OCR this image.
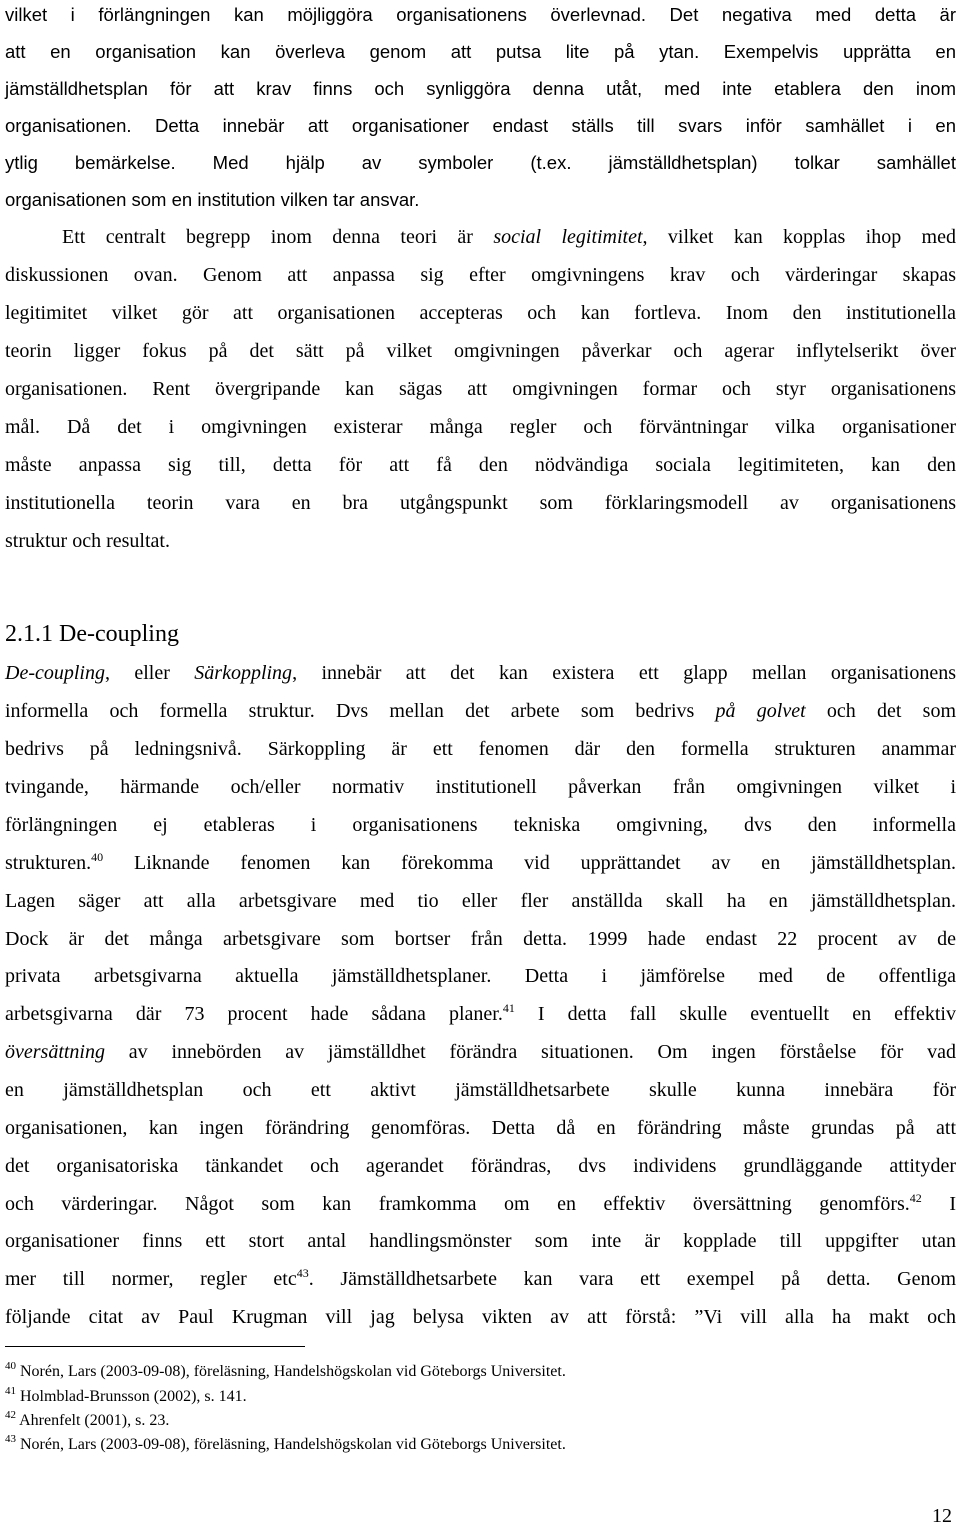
vilket i förlängningen kan möjliggöra organisationens överlevnad. Det negativa med detta är
att en organisation kan överleva genom att putsa lite på ytan. Exempelvis upprätta en
jämställdhetsplan för att krav finns och synliggöra denna utåt, med inte etablera den inom
organisationen. Detta innebär att organisationer endast ställs till svars inför samhället i en
ytlig bemärkelse. Med hjälp av symboler (t.ex. jämställdhetsplan) tolkar samhället
organisationen som en institution vilken tar ansvar.
Ett centralt begrepp inom denna teori är social legitimitet, vilket kan kopplas ihop med
diskussionen ovan. Genom att anpassa sig efter omgivningens krav och värderingar skapas
legitimitet vilket gör att organisationen accepteras och kan fortleva. Inom den institutionella
teorin ligger fokus på det sätt på vilket omgivningen påverkar och agerar inflytelserikt över
organisationen. Rent övergripande kan sägas att omgivningen formar och styr organisationens
mål. Då det i omgivningen existerar många regler och förväntningar vilka organisationer
måste anpassa sig till, detta för att få den nödvändiga sociala legitimiteten, kan den
institutionella teorin vara en bra utgångspunkt som förklaringsmodell av organisationens
struktur och resultat.
2.1.1 De-coupling
De-coupling, eller Särkoppling, innebär att det kan existera ett glapp mellan organisationens
informella och formella struktur. Dvs mellan det arbete som bedrivs på golvet och det som
bedrivs på ledningsnivå. Särkoppling är ett fenomen där den formella strukturen anammar
tvingande, härmande och/eller normativ institutionell påverkan från omgivningen vilket i
förlängningen ej etableras i organisationens tekniska omgivning, dvs den informella
strukturen.$^{40}$ Liknande fenomen kan förekomma vid upprättandet av en jämställdhetsplan.
Lagen säger att alla arbetsgivare med tio eller fler anställda skall ha en jämställdhetsplan.
Dock är det många arbetsgivare som bortser från detta. 1999 hade endast 22 procent av de
privata arbetsgivarna aktuella jämställdhetsplaner. Detta i jämförelse med de offentliga
arbetsgivarna där 73 procent hade sådana planer.$^{41}$ I detta fall skulle eventuellt en effektiv
översättning av innebörden av jämställdhet förändra situationen. Om ingen förståelse för vad
en jämställdhetsplan och ett aktivt jämställdhetsarbete skulle kunna innebära för
organisationen, kan ingen förändring genomföras. Detta då en förändring måste grundas på att
det organisatoriska tänkandet och agerandet förändras, dvs individens grundläggande attityder
och värderingar. Något som kan framkomma om en effektiv översättning genomförs.$^{42}$ I
organisationer finns ett stort antal handlingsmönster som inte är kopplade till uppgifter utan
mer till normer, regler etc$^{43}$. Jämställdhetsarbete kan vara ett exempel på detta. Genom
följande citat av Paul Krugman vill jag belysa vikten av att förstå: ”Vi vill alla ha makt och
$^{40}$ Norén, Lars (2003-09-08), föreläsning, Handelshögskolan vid Göteborgs Universitet.
$^{41}$ Holmblad-Brunsson (2002), s. 141.
$^{42}$ Ahrenfelt (2001), s. 23.
$^{43}$ Norén, Lars (2003-09-08), föreläsning, Handelshögskolan vid Göteborgs Universitet.
12
